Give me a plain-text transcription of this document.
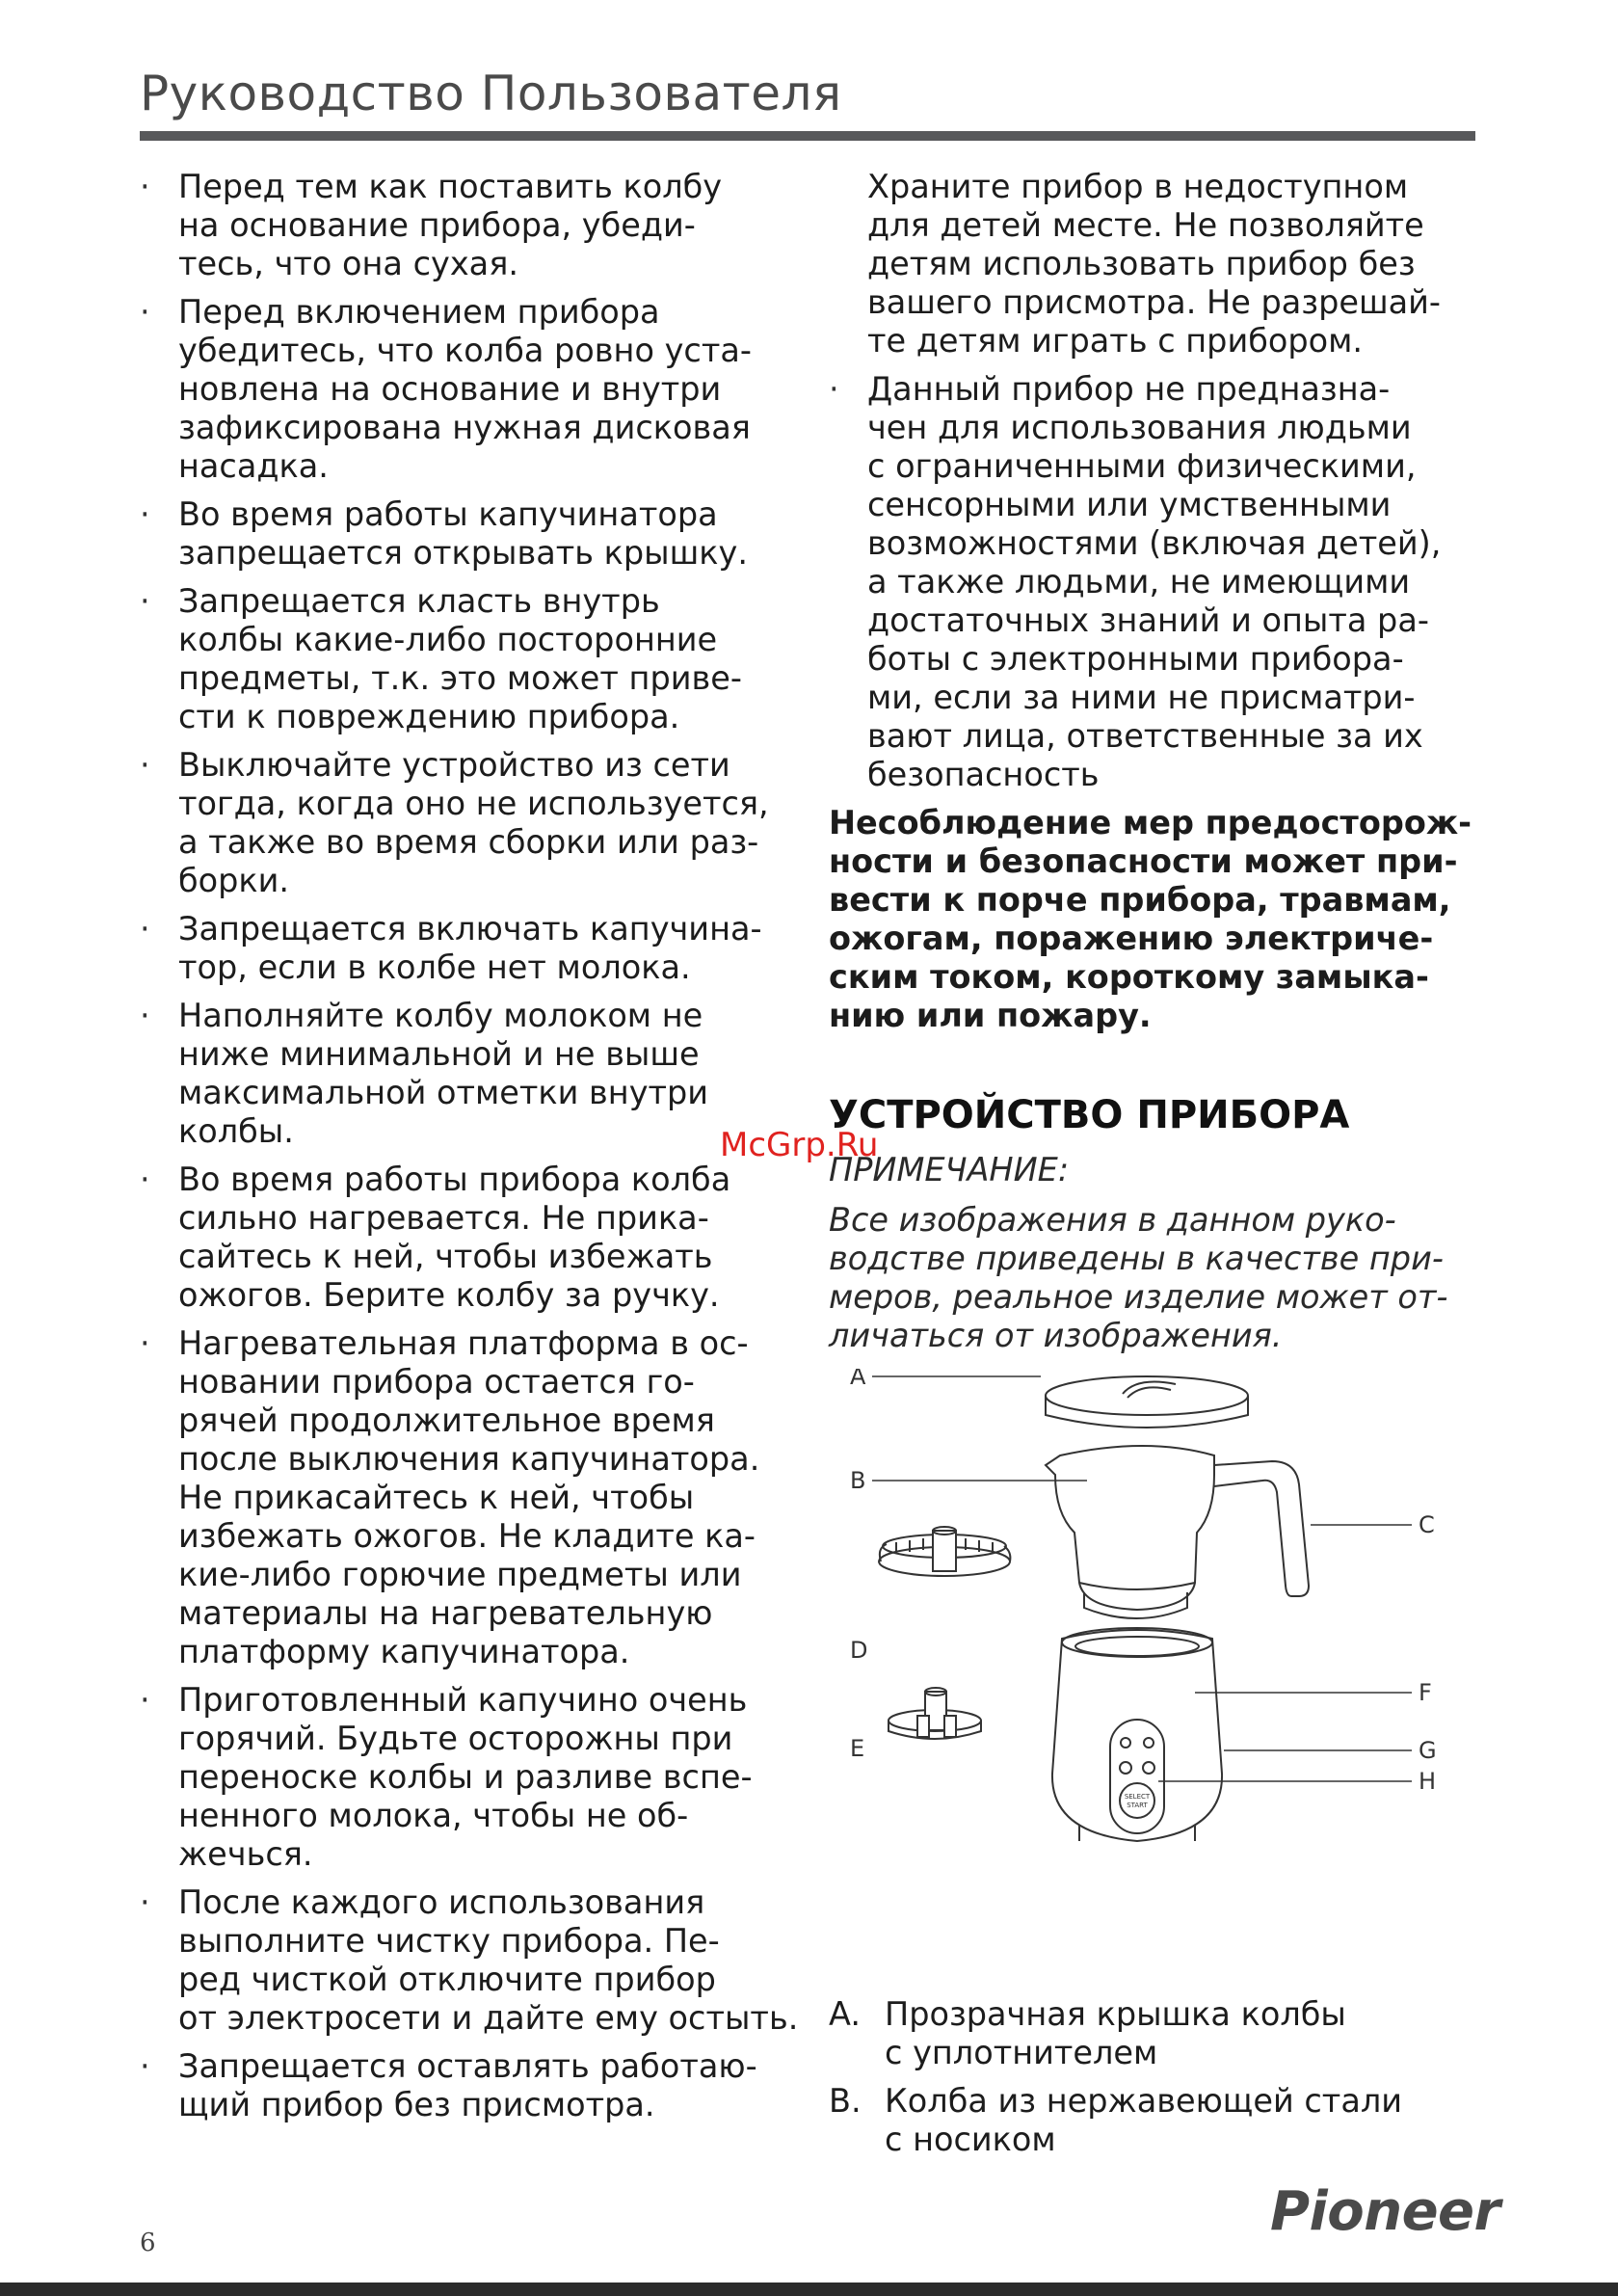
Руководство Пользователя
· Перед тем как поставить колбу
на основание прибора, убеди-
тесь, что она сухая.
· Перед включением прибора
убедитесь, что колба ровно уста-
новлена на основание и внутри
зафиксирована нужная дисковая
насадка.
· Во время работы капучинатора
запрещается открывать крышку.
· Запрещается класть внутрь
колбы какие-либо посторонние
предметы, т.к. это может приве-
сти к повреждению прибора.
· Выключайте устройство из сети
тогда, когда оно не используется,
а также во время сборки или раз-
борки.
· Запрещается включать капучина-
тор, если в колбе нет молока.
· Наполняйте колбу молоком не
ниже минимальной и не выше
максимальной отметки внутри
колбы.
· Во время работы прибора колба
сильно нагревается. Не прика-
сайтесь к ней, чтобы избежать
ожогов. Берите колбу за ручку.
· Нагревательная платформа в ос-
новании прибора остается го-
рячей продолжительное время
после выключения капучинатора.
Не прикасайтесь к ней, чтобы
избежать ожогов. Не кладите ка-
кие-либо горючие предметы или
материалы на нагревательную
платформу капучинатора.
· Приготовленный капучино очень
горячий. Будьте осторожны при
переноске колбы и разливе вспе-
ненного молока, чтобы не об-
жечься.
· После каждого использования
выполните чистку прибора. Пе-
ред чисткой отключите прибор
от электросети и дайте ему остыть.
· Запрещается оставлять работаю-
щий прибор без присмотра.
Храните прибор в недоступном
для детей месте. Не позволяйте
детям использовать прибор без
вашего присмотра. Не разрешай-
те детям играть с прибором.
· Данный прибор не предназна-
чен для использования людьми
с ограниченными физическими,
сенсорными или умственными
возможностями (включая детей),
а также людьми, не имеющими
достаточных знаний и опыта ра-
боты с электронными прибора-
ми, если за ними не присматри-
вают лица, ответственные за их
безопасность
Несоблюдение мер предосторож-
ности и безопасности может при-
вести к порче прибора, травмам,
ожогам, поражению электриче-
ским током, короткому замыка-
нию или пожару.
УСТРОЙСТВО ПРИБОРА
McGrp.Ru
ПРИМЕЧАНИЕ:
Все изображения в данном руко-
водстве приведены в качестве при-
меров, реальное изделие может от-
личаться от изображения.
A
B
C
D
E
F
G
H
SELECT
START
A. Прозрачная крышка колбы
с уплотнителем
B. Колба из нержавеющей стали
с носиком
6	Pioneer
